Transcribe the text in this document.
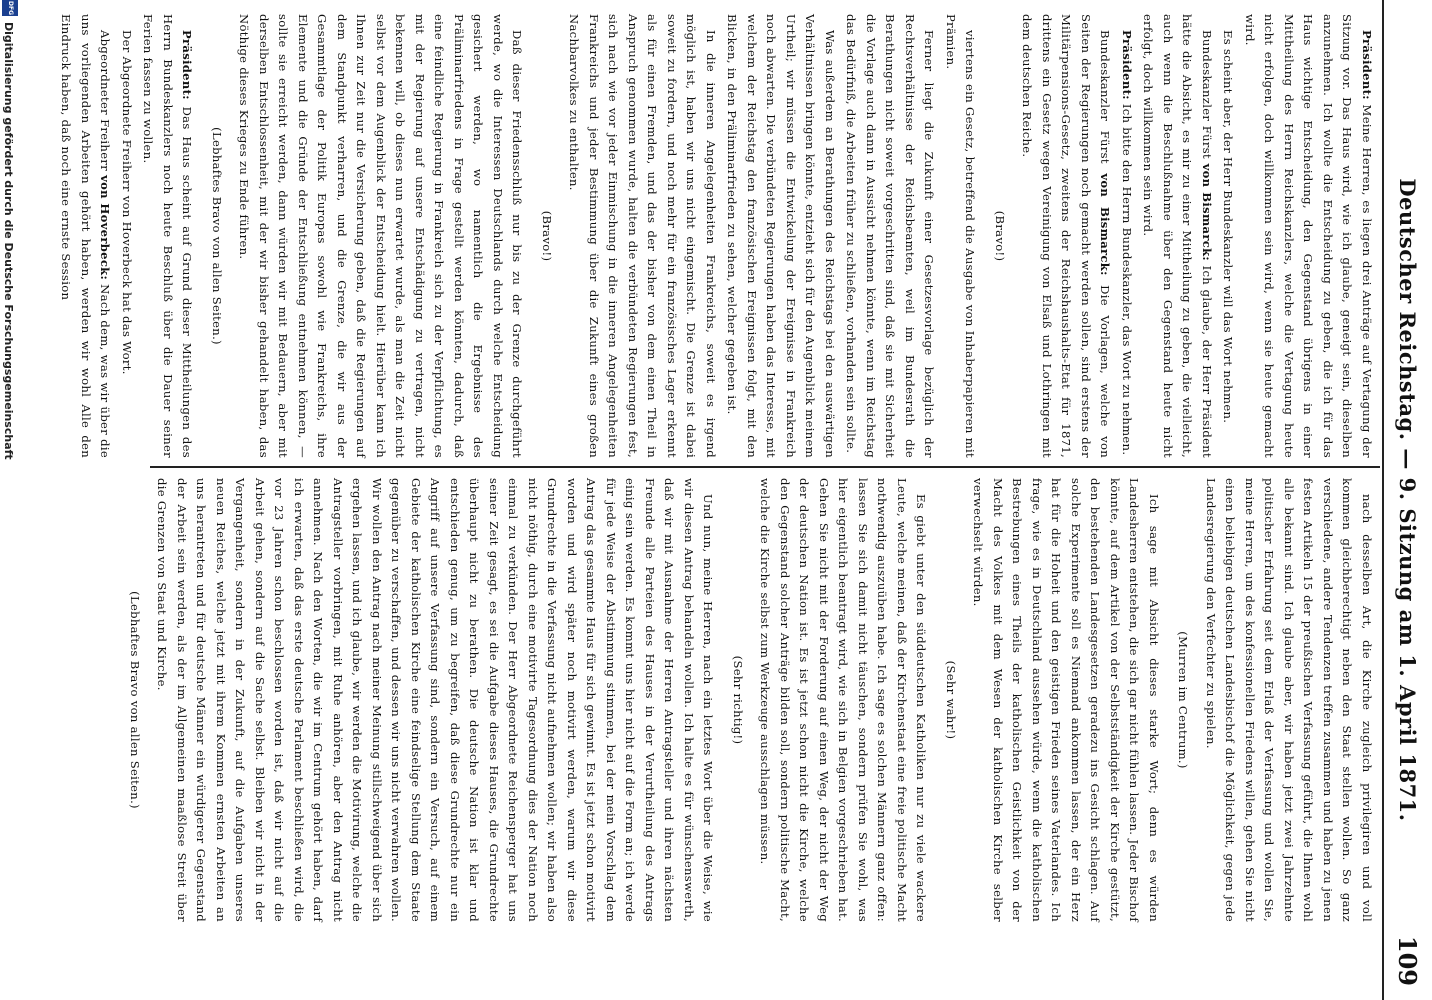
Deutscher Reichstag. — 9. Sitzung am 1. April 1871.
109

Präsident: Meine Herren, es liegen drei Anträge auf Vertagung der Sitzung vor. Das Haus wird, wie ich glaube, geneigt sein, dieselben anzunehmen. Ich wollte die Entscheidung zu geben, die ich für das Haus wichtige Entscheidung, den Gegenstand übrigens in einer Mittheilung des Herrn Reichskanzlers, welche die Vertagung heute nicht erfolgen, doch willkommen sein wird, wenn sie heute gemacht wird.

Es scheint aber, der Herr Bundeskanzler will das Wort nehmen.

Bundeskanzler Fürst von Bismarck: Ich glaube, der Herr Präsident hätte die Absicht, es mir zu einer Mittheilung zu geben, die vielleicht, auch wenn die Beschlußnahme über den Gegenstand heute nicht erfolgt, doch willkommen sein wird.

Präsident: Ich bitte den Herrn Bundeskanzler, das Wort zu nehmen.

Bundeskanzler Fürst von Bismarck: Die Vorlagen, welche von Seiten der Regierungen noch gemacht werden sollen, sind erstens der Militärpensions-Gesetz, zweitens der Reichshaushalts-Etat für 1871, drittens ein Gesetz wegen Vereinigung von Elsaß und Lothringen mit dem deutschen Reiche.

(Bravo!)

viertens ein Gesetz, betreffend die Ausgabe von Inhaberpapieren mit Prämien.

Ferner liegt die Zukunft einer Gesetzesvorlage bezüglich der Rechtsverhältnisse der Reichsbeamten, weil im Bundesrath die Berathungen nicht soweit vorgeschritten sind, daß sie mit Sicherheit die Vorlage auch dann in Aussicht nehmen könnte, wenn im Reichstag das Bedürfniß, die Arbeiten früher zu schließen, vorhanden sein sollte.

Was außerdem an Berathungen des Reichstags bei den auswärtigen Verhältnissen bringen könnte, entzieht sich für den Augenblick meinem Urtheil; wir müssen die Entwickelung der Ereignisse in Frankreich noch abwarten. Die verbündeten Regierungen haben das Interesse, mit welchem der Reichstag den französischen Ereignissen folgt, mit den Blicken, in den Präliminarfrieden zu sehen, welcher gegeben ist.

In die inneren Angelegenheiten Frankreichs, soweit es irgend möglich ist, haben wir uns nicht eingemischt. Die Grenze ist dabei soweit zu fordern, und noch mehr für ein französisches Lager erkennt als für einen Fremden, und das der bisher von dem einen Theil in Anspruch genommen wurde, halten die verbündeten Regierungen fest, sich nach wie vor jeder Einmischung in die inneren Angelegenheiten Frankreichs und jeder Bestimmung über die Zukunft eines großen Nachbarvolkes zu enthalten.

(Bravo!)

Daß dieser Friedensschluß nur bis zu der Grenze durchgeführt werde, wo die Interessen Deutschlands durch welche Entscheidung gesichert werden, wo namentlich die Ergebnisse des Präliminarfriedens in Frage gestellt werden könnten, dadurch, daß eine feindliche Regierung in Frankreich sich zu der Verpflichtung, es mit der Regierung auf unsere Entschädigung zu vertragen, nicht bekennen will, ob dieses nun erwartet wurde, als man die Zeit nicht selbst vor dem Augenblick der Entscheidung hielt. Hierüber kann ich Ihnen zur Zeit nur die Versicherung geben, daß die Regierungen auf dem Standpunkt verharren, und die Grenze, die wir aus der Gesammtlage der Politik Europas sowohl wie Frankreichs, ihre Elemente und die Gründe der Entschließung entnehmen können, — sollte sie erreicht werden, dann würden wir mit Bedauern, aber mit derselben Entschlossenheit, mit der wir bisher gehandelt haben, das Nöthige dieses Krieges zu Ende führen.

(Lebhaftes Bravo von allen Seiten.)

Präsident: Das Haus scheint auf Grund dieser Mittheilungen des Herrn Bundeskanzlers noch heute Beschluß über die Dauer seiner Ferien fassen zu wollen.

Der Abgeordnete Freiherr von Hoverbeck hat das Wort.

Abgeordneter Freiherr von Hoverbeck: Nach dem, was wir über die uns vorliegenden Arbeiten gehört haben, werden wir wohl Alle den Eindruck haben, daß noch eine ernste Session

nach desselben Art, die Kirche zugleich privilegiren und voll kommen gleichberechtigt neben den Staat stellen wollen. So ganz verschiedene, andere Tendenzen treffen zusammen und haben zu jenen festen Artikeln 15 der preußischen Verfassung geführt, die Ihnen wohl alle bekannt sind. Ich glaube aber, wir haben jetzt zwei Jahrzehnte politischer Erfahrung seit dem Erlaß der Verfassung und wollen Sie, meine Herren, um des konfessionellen Friedens willen, gehen Sie nicht einen beliebigen deutschen Landesbischof die Möglichkeit, gegen jede Landesregierung den Verfechter zu spielen.

(Murren im Centrum.)

Ich sage mit Absicht dieses starke Wort; denn es würden Landesherren entstehen, die sich gar nicht fühlen lassen. Jeder Bischof könnte, auf dem Artikel von der Selbstständigkeit der Kirche gestützt, den bestehenden Landesgesetzen geradezu ins Gesicht schlagen. Auf solche Experimente soll es Niemand ankommen lassen, der ein Herz hat für die Hoheit und den geistigen Frieden seines Vaterlandes. Ich frage, wie es in Deutschland aussehen würde, wenn die katholischen Bestrebungen eines Theils der katholischen Geistlichkeit von der Macht des Volkes mit dem Wesen der katholischen Kirche selber verwechselt würden.

(Sehr wahr!)

Es giebt unter den süddeutschen Katholiken nur zu viele wackere Leute, welche meinen, daß der Kirchenstaat eine freie politische Macht nothwendig auszuüben habe. Ich sage es solchen Männern ganz offen: lassen Sie sich damit nicht täuschen, sondern prüfen Sie wohl, was hier eigentlich beantragt wird, wie sich in Belgien vorgeschrieben hat. Gehen Sie nicht mit der Forderung auf einen Weg, der nicht der Weg der deutschen Nation ist. Es ist jetzt schon nicht die Kirche, welche den Gegenstand solcher Anträge bilden soll, sondern politische Macht, welche die Kirche selbst zum Werkzeuge ausschlagen müssen.

(Sehr richtig!)

Und nun, meine Herren, nach ein letztes Wort über die Weise, wie wir diesen Antrag behandeln wollen. Ich halte es für wünschenswerth, daß wir mit Ausnahme der Herren Antragsteller und ihren nächsten Freunde alle Parteien des Hauses in der Verurtheilung des Antrags einig sein werden. Es kommt uns hier nicht auf die Form an; ich werde für jede Weise der Abstimmung stimmen, bei der mein Vorschlag dem Antrag das gesammte Haus für sich gewinnt. Es ist jetzt schon motivirt worden und wird später noch motivirt werden, warum wir diese Grundrechte in die Verfassung nicht aufnehmen wollen; wir haben also nicht nöthig, durch eine motivirte Tagesordnung dies der Nation noch einmal zu verkünden. Der Herr Abgeordnete Reichensperger hat uns seiner Zeit gesagt, es sei die Aufgabe dieses Hauses, die Grundrechte überhaupt nicht zu berathen. Die deutsche Nation ist klar und entschieden genug, um zu begreifen, daß diese Grundrechte nur ein Angriff auf unsere Verfassung sind, sondern ein Versuch, auf einem Gebiete der katholischen Kirche eine feindselige Stellung dem Staate gegenüber zu verschaffen, und dessen wir uns nicht verwahren wollen. Wir wollen den Antrag nach meiner Meinung stillschweigend über sich ergehen lassen, und ich glaube, wir werden die Motivirung, welche die Antragsteller vorbringen, mit Ruhe anhören, aber den Antrag nicht annehmen. Nach den Worten, die wir im Centrum gehört haben, darf ich erwarten, daß das erste deutsche Parlament beschließen wird, die vor 23 Jahren schon beschlossen worden ist, daß wir nicht auf die Arbeit gehen, sondern auf die Sache selbst. Bleiben wir nicht in der Vergangenheit, sondern in der Zukunft, auf die Aufgaben unseres neuen Reiches, welche jetzt mit ihrem Kommen ernsten Arbeiten an uns herantreten und für deutsche Männer ein würdigerer Gegenstand der Arbeit sein werden, als der im Allgemeinen maaßlose Streit über die Grenzen von Staat und Kirche.

(Lebhaftes Bravo von allen Seiten.)

DFG
Digitalisierung gefördert durch die Deutsche Forschungsgemeinschaft
